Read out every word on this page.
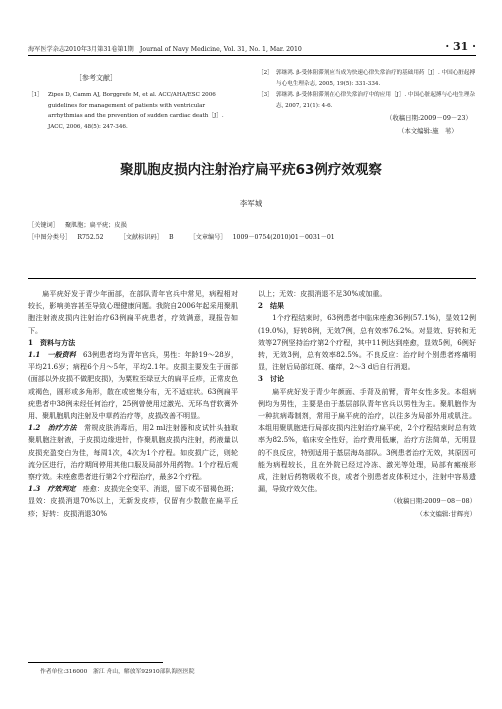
海军医学杂志2010年3月第31卷第1期　Journal of Navy Medicine, Vol. 31, No. 1, Mar. 2010	· 31 ·
［参考文献］
［1］ Zipes D, Camm AJ, Borggrefe M, et al. ACC/AHA/ESC 2006 guidelines for management of patients with ventricular arrhythmias and the prevention of sudden cardiac death［J］. JACC, 2006, 48(5): 247-346.
［2］ 郭继鸿. β-受体阻滞剂应当成为快速心律失常治疗的基础用药［J］. 中国心脏起搏与心电生理杂志, 2005, 19(5): 331-334.
［3］ 郭继鸿. β-受体阻滞剂在心律失常治疗中的应用［J］. 中国心脏起搏与心电生理杂志, 2007, 21(1): 4-6.
（收稿日期:2009－09－23）
（本文编辑:施　苇）
聚肌胞皮损内注射治疗扁平疣63例疗效观察
李军城
［关键词］ 聚肌胞；扁平疣；皮损
［中图分类号］ R752.52	［文献标识码］ B	［文章编号］ 1009－0754(2010)01－0031－01

扁平疣好发于青少年面部，在部队青年官兵中常见，病程相对较长，影响美容甚至导致心理健康问题。我院自2006年起采用聚肌胞注射液皮损内注射治疗63例扁平疣患者，疗效满意，现报告如下。

1　资料与方法

1.1　一般资料　 63例患者均为青年官兵，男性：年龄19～28岁，平均21.6岁；病程6个月～5年，平均2.1年。皮损主要发生于面部(面部以外皮损不做肥皮损)，为粟粒至绿豆大的扁平丘疹，正常皮色或褐色，圆形或多角形，散在或密集分布，无不适症状。63例扁平疣患者中38例未经任何治疗，25例曾使用过激光、无环鸟苷软膏外用、聚肌胞肌肉注射及中草药治疗等，皮损改善不明显。

1.2　治疗方法　 常规皮肤消毒后，用2 ml注射器和皮试针头抽取聚肌胞注射液，于皮损边缘进针，作聚肌胞皮损内注射，药液量以皮损充盈变白为佳，每周1次，4次为1个疗程。如皮损广泛，则轮流分区进行，治疗期间停用其他口服及局部外用药物。1个疗程后观察疗效。未痊愈患者进行第2个疗程治疗，最多2个疗程。

1.3　疗效判定　 痊愈：皮损完全变平、消退，留下或不留褐色斑；显效：皮损消退70%以上，无新发皮疹，仅留有少数散在扁平丘疹；好转：皮损消退30%

以上；无效：皮损消退不足30%或加重。

2　结果

1个疗程结束时，63例患者中临床痊愈36例(57.1%)，显效12例(19.0%)，好转8例，无效7例，总有效率76.2%。对显效、好转和无效等27例坚持治疗第2个疗程，其中11例达到痊愈，显效5例，6例好转，无效3例，总有效率82.5%。不良反应：治疗时个别患者疼痛明显，注射后局部红斑、瘙痒，2～3 d后自行消退。

3　讨论

扁平疣好发于青少年颜面、手背及前臂，青年女性多发。本组病例均为男性，主要是由于基层部队青年官兵以男性为主。聚肌胞作为一种抗病毒制剂，常用于扁平疣的治疗，以往多为局部外用或肌注。本组用聚肌胞进行局部皮损内注射治疗扁平疣，2个疗程结束时总有效率为82.5%，临床安全性好，治疗费用低廉，治疗方法简单，无明显的不良反应，特别适用于基层海岛部队。3例患者治疗无效，其原因可能为病程较长，且在外院已经过冷冻、激光等处理，局部有瘢痕形成，注射后药物吸收不良，或者个别患者皮体积过小，注射中容易遗漏，导致疗效欠佳。

（收稿日期:2009－08－08）

（本文编辑:甘辉亮）

作者单位:316000　浙江 舟山，解放军92910部队海医医院
